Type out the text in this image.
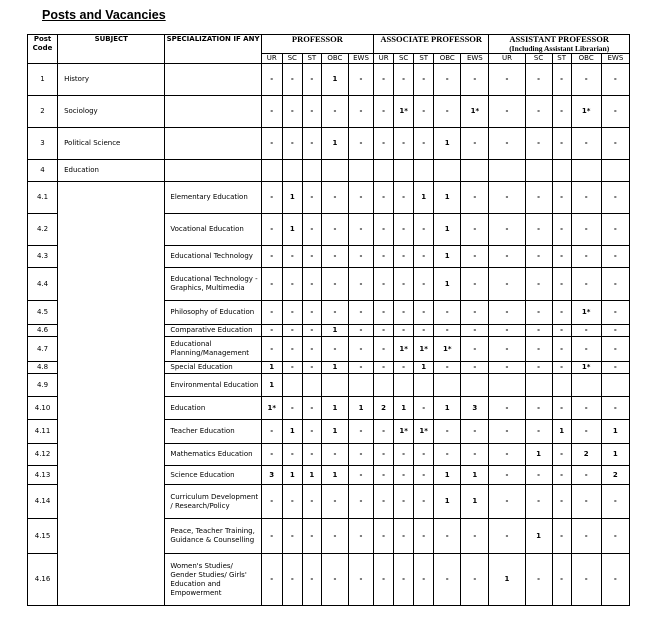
Posts and Vacancies
Post Code	SUBJECT	SPECIALIZATION IF ANY	PROFESSOR					ASSOCIATE PROFESSOR					ASSISTANT PROFESSOR
(Including Assistant Librarian)				

			UR	SC	ST	OBC	EWS	UR	SC	ST	OBC	EWS	UR	SC	ST	OBC	EWS
1	History		-	-	-	1	-	-	-	-	-	-	-	-	-	-	-
2	Sociology		-	-	-	-	-	-	1*	-	-	1*	-	-	-	1*	-
3	Political Science		-	-	-	1	-	-	-	-	1	-	-	-	-	-	-
4	Education																
4.1		Elementary Education	-	1	-	-	-	-	-	1	1	-	-	-	-	-	-
4.2		Vocational Education	-	1	-	-	-	-	-	-	1	-	-	-	-	-	-
4.3		Educational Technology	-	-	-	-	-	-	-	-	1	-	-	-	-	-	-
4.4		Educational Technology - Graphics, Multimedia	-	-	-	-	-	-	-	-	1	-	-	-	-	-	-
4.5		Philosophy of Education	-	-	-	-	-	-	-	-	-	-	-	-	-	1*	-
4.6		Comparative Education	-	-	-	1	-	-	-	-	-	-	-	-	-	-	-
4.7		Educational Planning/Management	-	-	-	-	-	-	1*	1*	1*	-	-	-	-	-	-
4.8		Special Education	1	-	-	1	-	-	-	1	-	-	-	-	-	1*	-
4.9		Environmental Education	1														
4.10		Education	1*	-	-	1	1	2	1	-	1	3	-	-	-	-	-
4.11		Teacher Education	-	1	-	1	-	-	1*	1*	-	-	-	-	1	-	1
4.12		Mathematics Education	-	-	-	-	-	-	-	-	-	-	-	1	-	2	1
4.13		Science Education	3	1	1	1	-	-	-	-	1	1	-	-	-	-	2
4.14		Curriculum Development / Research/Policy	-	-	-	-	-	-	-	-	1	1	-	-	-	-	-
4.15		Peace, Teacher Training, Guidance & Counselling	-	-	-	-	-	-	-	-	-	-	-	1	-	-	-
4.16		Women's Studies/ Gender Studies/ Girls' Education and Empowerment	-	-	-	-	-	-	-	-	-	-	1	-	-	-	-
